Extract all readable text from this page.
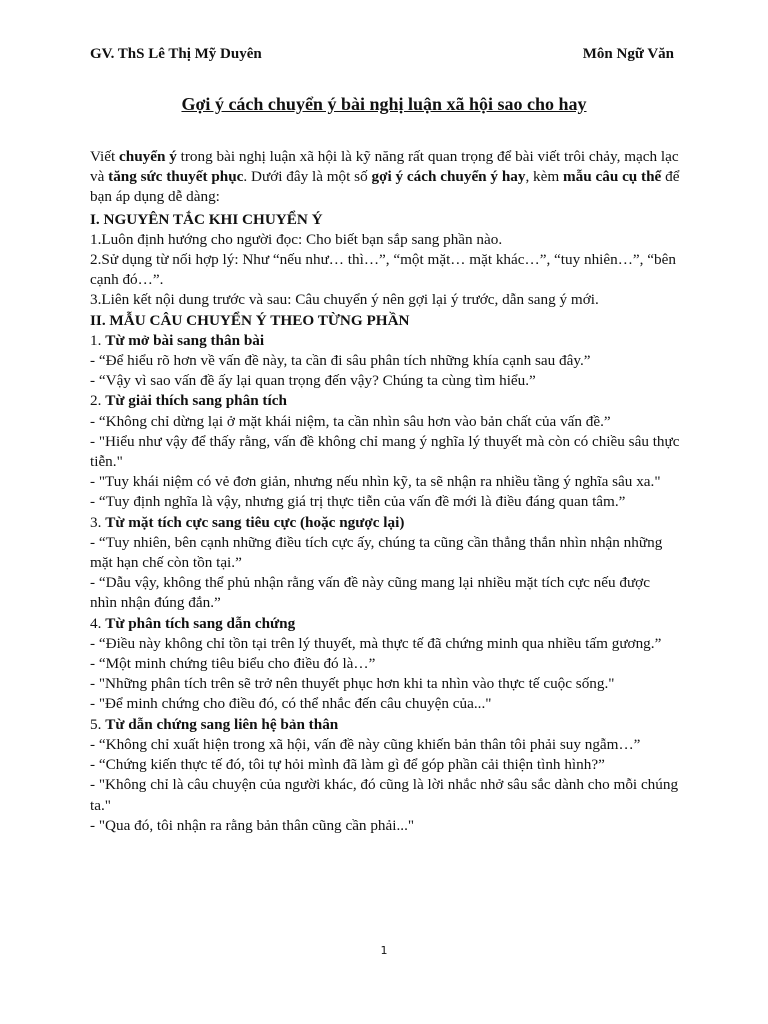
GV. ThS Lê Thị Mỹ Duyên	Môn Ngữ Văn
Gợi ý cách chuyển ý bài nghị luận xã hội sao cho hay

Viết chuyển ý trong bài nghị luận xã hội là kỹ năng rất quan trọng để bài viết trôi chảy, mạch lạc và tăng sức thuyết phục. Dưới đây là một số gợi ý cách chuyển ý hay, kèm mẫu câu cụ thể để bạn áp dụng dễ dàng:

I. NGUYÊN TẮC KHI CHUYỂN Ý

1.Luôn định hướng cho người đọc: Cho biết bạn sắp sang phần nào.

2.Sử dụng từ nối hợp lý: Như “nếu như… thì…”, “một mặt… mặt khác…”, “tuy nhiên…”, “bên cạnh đó…”.

3.Liên kết nội dung trước và sau: Câu chuyển ý nên gợi lại ý trước, dẫn sang ý mới.

II. MẪU CÂU CHUYỂN Ý THEO TỪNG PHẦN

1. Từ mở bài sang thân bài

- “Để hiểu rõ hơn về vấn đề này, ta cần đi sâu phân tích những khía cạnh sau đây.”

- “Vậy vì sao vấn đề ấy lại quan trọng đến vậy? Chúng ta cùng tìm hiểu.”

2. Từ giải thích sang phân tích

- “Không chỉ dừng lại ở mặt khái niệm, ta cần nhìn sâu hơn vào bản chất của vấn đề.”

- "Hiểu như vậy để thấy rằng, vấn đề không chỉ mang ý nghĩa lý thuyết mà còn có chiều sâu thực tiễn."

- "Tuy khái niệm có vẻ đơn giản, nhưng nếu nhìn kỹ, ta sẽ nhận ra nhiều tầng ý nghĩa sâu xa."

- “Tuy định nghĩa là vậy, nhưng giá trị thực tiễn của vấn đề mới là điều đáng quan tâm.”

3. Từ mặt tích cực sang tiêu cực (hoặc ngược lại)

- “Tuy nhiên, bên cạnh những điều tích cực ấy, chúng ta cũng cần thẳng thắn nhìn nhận những mặt hạn chế còn tồn tại.”

- “Dẫu vậy, không thể phủ nhận rằng vấn đề này cũng mang lại nhiều mặt tích cực nếu được nhìn nhận đúng đắn.”

4. Từ phân tích sang dẫn chứng

- “Điều này không chỉ tồn tại trên lý thuyết, mà thực tế đã chứng minh qua nhiều tấm gương.”

- “Một minh chứng tiêu biểu cho điều đó là…”

- "Những phân tích trên sẽ trở nên thuyết phục hơn khi ta nhìn vào thực tế cuộc sống."

- "Để minh chứng cho điều đó, có thể nhắc đến câu chuyện của..."

5. Từ dẫn chứng sang liên hệ bản thân

- “Không chỉ xuất hiện trong xã hội, vấn đề này cũng khiến bản thân tôi phải suy ngẫm…”

- “Chứng kiến thực tế đó, tôi tự hỏi mình đã làm gì để góp phần cải thiện tình hình?”

- "Không chỉ là câu chuyện của người khác, đó cũng là lời nhắc nhở sâu sắc dành cho mỗi chúng ta."

- "Qua đó, tôi nhận ra rằng bản thân cũng cần phải..."

1
